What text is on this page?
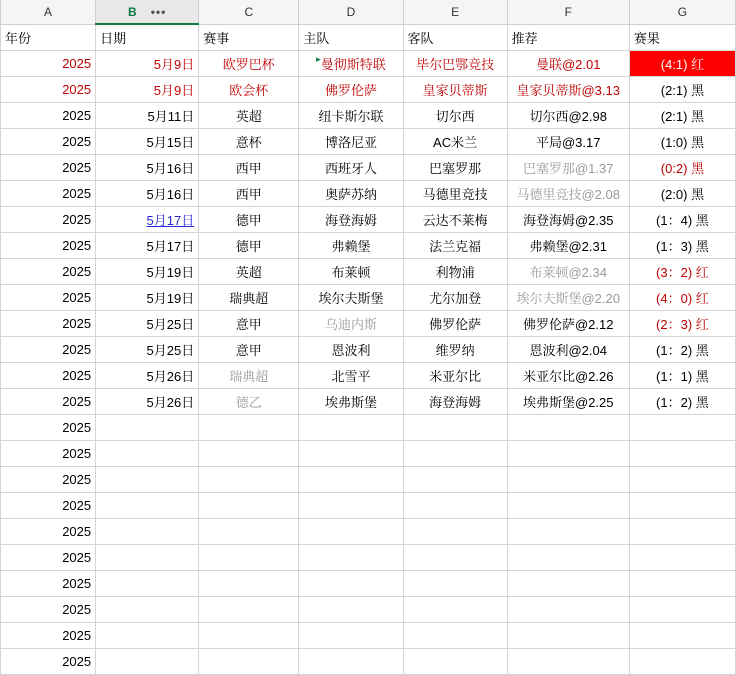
A	B •••	C	D	E	F	G
年份	日期	赛事	主队	客队	推荐	赛果
2025	5月9日	欧罗巴杯	▸曼彻斯特联	毕尔巴鄂竞技	曼联@2.01	(4:1) 红
2025	5月9日	欧会杯	佛罗伦萨	皇家贝蒂斯	皇家贝蒂斯@3.13	(2:1) 黑
2025	5月11日	英超	纽卡斯尔联	切尔西	切尔西@2.98	(2:1) 黑
2025	5月15日	意杯	博洛尼亚	AC米兰	平局@3.17	(1:0) 黑
2025	5月16日	西甲	西班牙人	巴塞罗那	巴塞罗那@1.37	(0:2) 黑
2025	5月16日	西甲	奥萨苏纳	马德里竞技	马德里竞技@2.08	(2:0) 黑
2025	5月17日	德甲	海登海姆	云达不莱梅	海登海姆@2.35	(1：4) 黑
2025	5月17日	德甲	弗赖堡	法兰克福	弗赖堡@2.31	(1：3) 黑
2025	5月19日	英超	布莱顿	利物浦	布莱顿@2.34	(3：2) 红
2025	5月19日	瑞典超	埃尔夫斯堡	尤尔加登	埃尔夫斯堡@2.20	(4：0) 红
2025	5月25日	意甲	乌迪内斯	佛罗伦萨	佛罗伦萨@2.12	(2：3) 红
2025	5月25日	意甲	恩波利	维罗纳	恩波利@2.04	(1：2) 黑
2025	5月26日	瑞典超	北雪平	米亚尔比	米亚尔比@2.26	(1：1) 黑
2025	5月26日	德乙	埃弗斯堡	海登海姆	埃弗斯堡@2.25	(1：2) 黑
2025						
2025						
2025						
2025						
2025						
2025						
2025						
2025						
2025						
2025						
